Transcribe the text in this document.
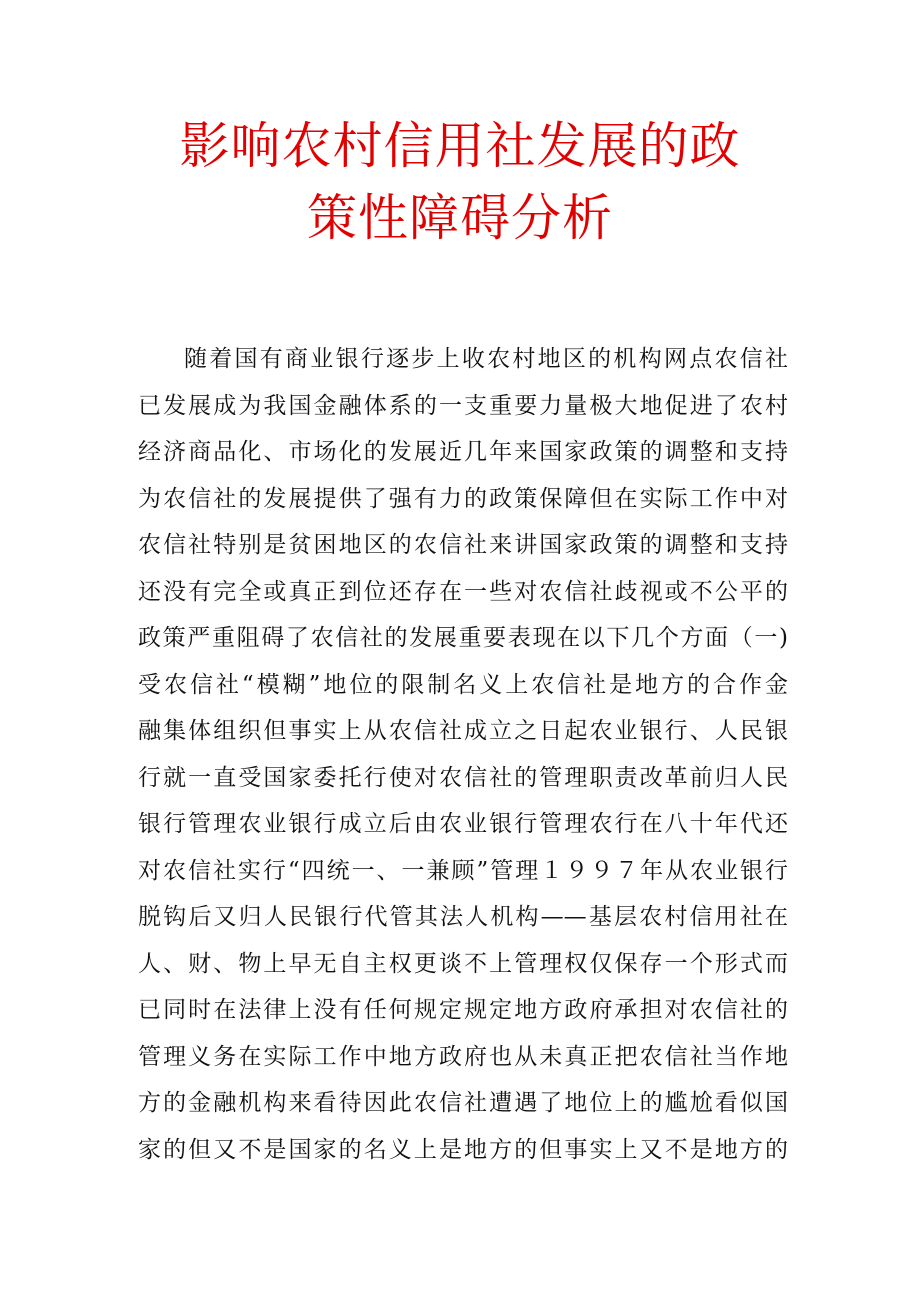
影响农村信用社发展的政
策性障碍分析
随着国有商业银行逐步上收农村地区的机构网点农信社
已发展成为我国金融体系的一支重要力量极大地促进了农村
经济商品化、市场化的发展近几年来国家政策的调整和支持
为农信社的发展提供了强有力的政策保障但在实际工作中对
农信社特别是贫困地区的农信社来讲国家政策的调整和支持
还没有完全或真正到位还存在一些对农信社歧视或不公平的
政策严重阻碍了农信社的发展重要表现在以下几个方面（一)
受农信社“模糊”地位的限制名义上农信社是地方的合作金
融集体组织但事实上从农信社成立之日起农业银行、人民银
行就一直受国家委托行使对农信社的管理职责改革前归人民
银行管理农业银行成立后由农业银行管理农行在八十年代还
对农信社实行“四统一、一兼顾”管理１９９７年从农业银行
脱钩后又归人民银行代管其法人机构——基层农村信用社在
人、财、物上早无自主权更谈不上管理权仅保存一个形式而
已同时在法律上没有任何规定规定地方政府承担对农信社的
管理义务在实际工作中地方政府也从未真正把农信社当作地
方的金融机构来看待因此农信社遭遇了地位上的尴尬看似国
家的但又不是国家的名义上是地方的但事实上又不是地方的
